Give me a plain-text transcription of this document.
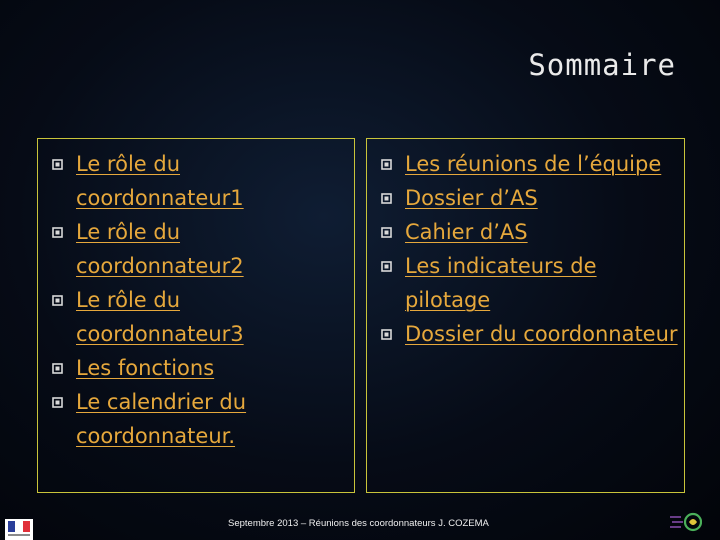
Sommaire
Le rôle du coordonnateur1
Le rôle du coordonnateur2
Le rôle du coordonnateur3
Les fonctions
Le calendrier du coordonnateur.
Les réunions de l’équipe
Dossier d’AS
Cahier d’AS
Les indicateurs de pilotage
Dossier du coordonnateur
Septembre 2013 – Réunions des coordonnateurs J. COZEMA
